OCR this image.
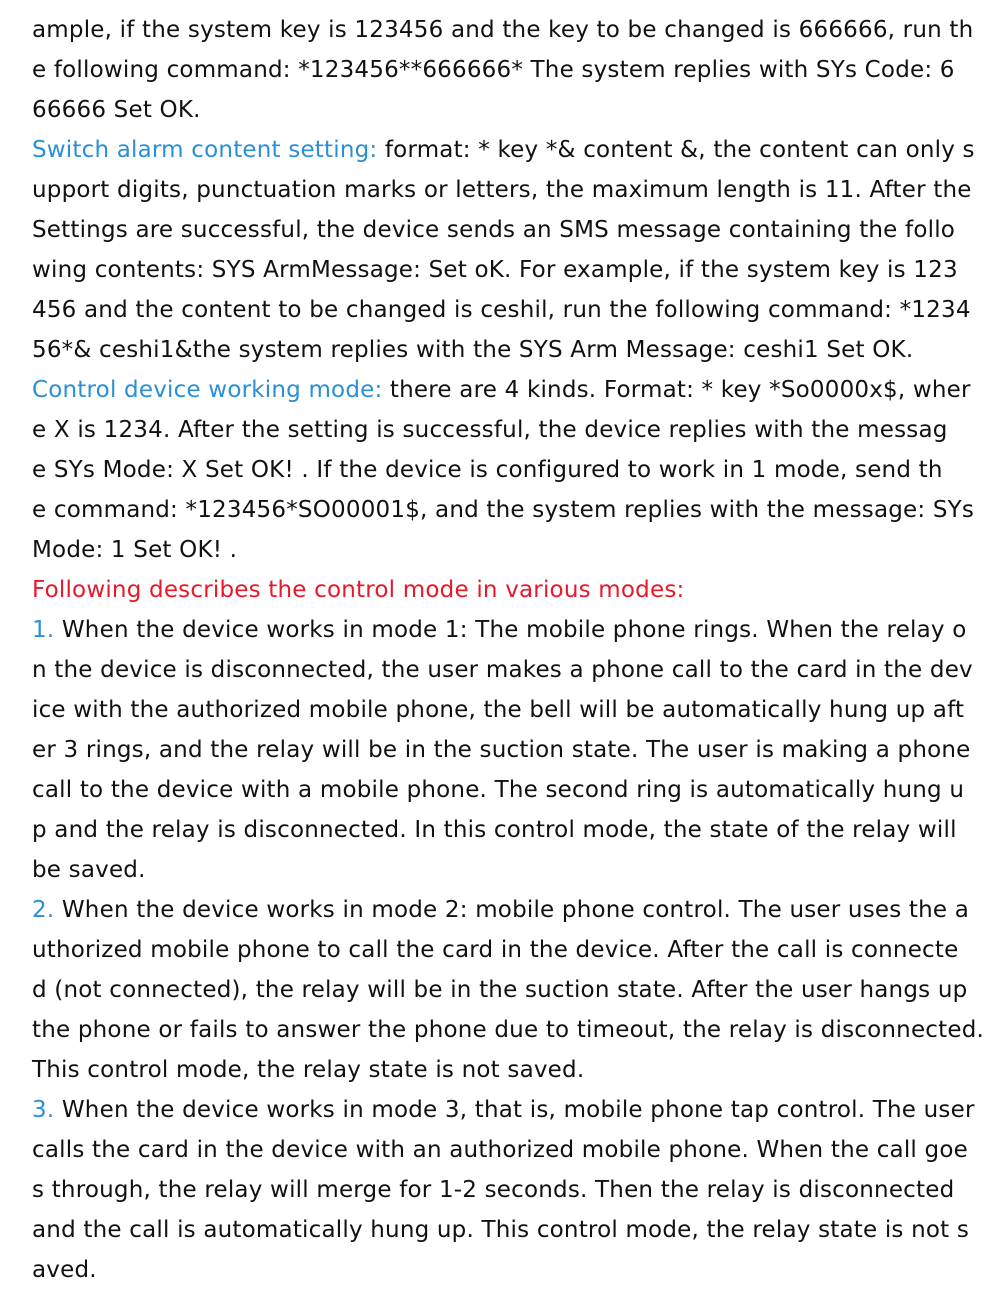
ample, if the system key is 123456 and the key to be changed is 666666, run th
e following command: *123456**666666* The system replies with SYs Code: 6
66666 Set OK.
Switch alarm content setting: format: * key *& content &, the content can only s
upport digits, punctuation marks or letters, the maximum length is 11. After the
Settings are successful, the device sends an SMS message containing the follo
wing contents: SYS ArmMessage: Set oK. For example, if the system key is 123
456 and the content to be changed is ceshil, run the following command: *1234
56*& ceshi1&the system replies with the SYS Arm Message: ceshi1 Set OK.
Control device working mode: there are 4 kinds. Format: * key *So0000x$, wher
e X is 1234. After the setting is successful, the device replies with the messag
e SYs Mode: X Set OK! . If the device is configured to work in 1 mode, send th
e command: *123456*SO00001$, and the system replies with the message: SYs
Mode: 1 Set OK! .
Following describes the control mode in various modes:
1. When the device works in mode 1: The mobile phone rings. When the relay o
n the device is disconnected, the user makes a phone call to the card in the dev
ice with the authorized mobile phone, the bell will be automatically hung up aft
er 3 rings, and the relay will be in the suction state. The user is making a phone
call to the device with a mobile phone. The second ring is automatically hung u
p and the relay is disconnected. In this control mode, the state of the relay will
be saved.
2. When the device works in mode 2: mobile phone control. The user uses the a
uthorized mobile phone to call the card in the device. After the call is connecte
d (not connected), the relay will be in the suction state. After the user hangs up
the phone or fails to answer the phone due to timeout, the relay is disconnected.
This control mode, the relay state is not saved.
3. When the device works in mode 3, that is, mobile phone tap control. The user
calls the card in the device with an authorized mobile phone. When the call goe
s through, the relay will merge for 1-2 seconds. Then the relay is disconnected
and the call is automatically hung up. This control mode, the relay state is not s
aved.
